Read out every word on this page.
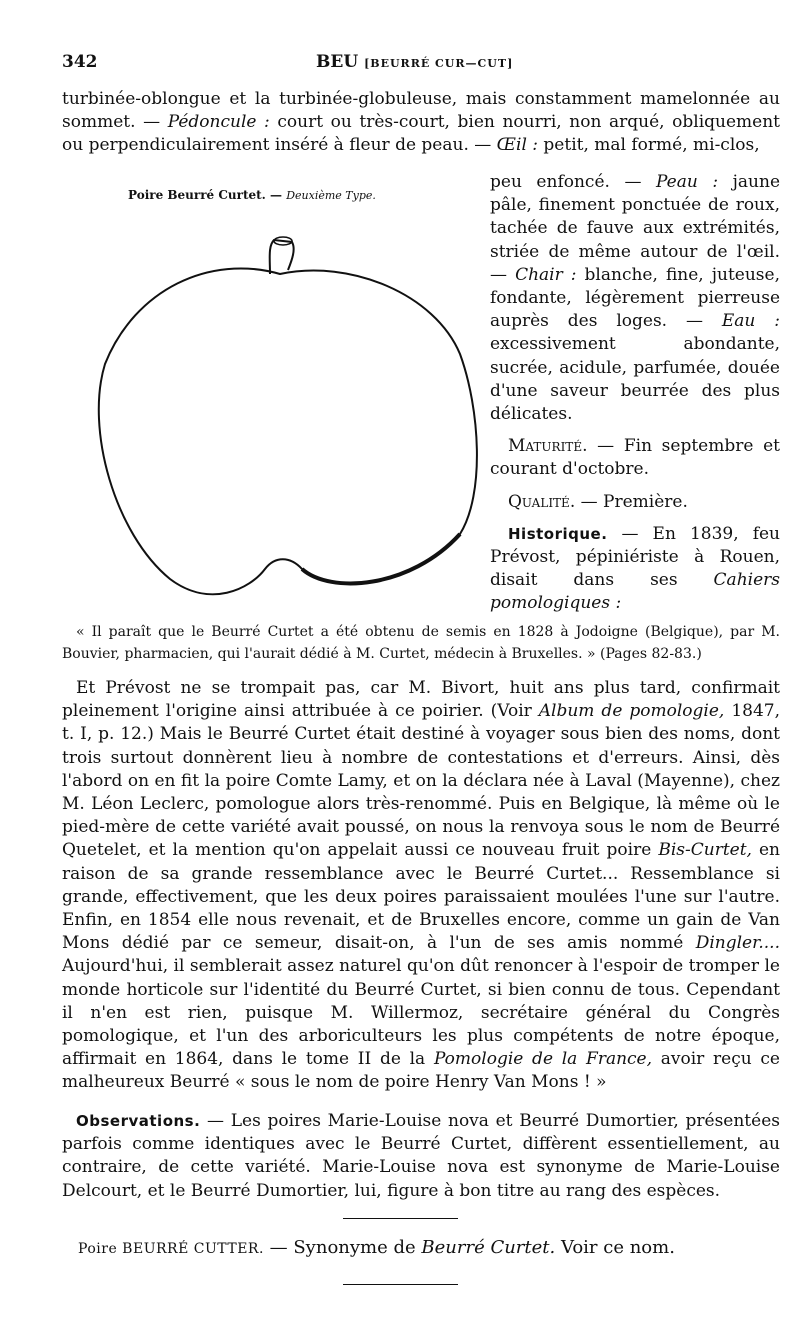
342	BEU [BEURRÉ CUR—CUT]
turbinée-oblongue et la turbinée-globuleuse, mais constamment mamelonnée au sommet. — Pédoncule : court ou très-court, bien nourri, non arqué, obliquement ou perpendiculairement inséré à fleur de peau. — Œil : petit, mal formé, mi-clos,
Poire Beurré Curtet. — Deuxième Type.

peu enfoncé. — Peau : jaune pâle, finement ponctuée de roux, tachée de fauve aux extrémités, striée de même autour de l'œil. — Chair : blanche, fine, juteuse, fondante, légèrement pierreuse auprès des loges. — Eau : excessivement abondante, sucrée, acidule, parfumée, douée d'une saveur beurrée des plus délicates.

Maturité. — Fin septembre et courant d'octobre.

Qualité. — Première.

Historique. — En 1839, feu Prévost, pépiniériste à Rouen, disait dans ses Cahiers pomologiques :

« Il paraît que le Beurré Curtet a été obtenu de semis en 1828 à Jodoigne (Belgique), par M. Bouvier, pharmacien, qui l'aurait dédié à M. Curtet, médecin à Bruxelles. » (Pages 82-83.)

Et Prévost ne se trompait pas, car M. Bivort, huit ans plus tard, confirmait pleinement l'origine ainsi attribuée à ce poirier. (Voir Album de pomologie, 1847, t. I, p. 12.) Mais le Beurré Curtet était destiné à voyager sous bien des noms, dont trois surtout donnèrent lieu à nombre de contestations et d'erreurs. Ainsi, dès l'abord on en fit la poire Comte Lamy, et on la déclara née à Laval (Mayenne), chez M. Léon Leclerc, pomologue alors très-renommé. Puis en Belgique, là même où le pied-mère de cette variété avait poussé, on nous la renvoya sous le nom de Beurré Quetelet, et la mention qu'on appelait aussi ce nouveau fruit poire Bis-Curtet, en raison de sa grande ressemblance avec le Beurré Curtet... Ressemblance si grande, effectivement, que les deux poires paraissaient moulées l'une sur l'autre. Enfin, en 1854 elle nous revenait, et de Bruxelles encore, comme un gain de Van Mons dédié par ce semeur, disait-on, à l'un de ses amis nommé Dingler.... Aujourd'hui, il semblerait assez naturel qu'on dût renoncer à l'espoir de tromper le monde horticole sur l'identité du Beurré Curtet, si bien connu de tous. Cependant il n'en est rien, puisque M. Willermoz, secrétaire général du Congrès pomologique, et l'un des arboriculteurs les plus compétents de notre époque, affirmait en 1864, dans le tome II de la Pomologie de la France, avoir reçu ce malheureux Beurré « sous le nom de poire Henry Van Mons ! »

Observations. — Les poires Marie-Louise nova et Beurré Dumortier, présentées parfois comme identiques avec le Beurré Curtet, diffèrent essentiellement, au contraire, de cette variété. Marie-Louise nova est synonyme de Marie-Louise Delcourt, et le Beurré Dumortier, lui, figure à bon titre au rang des espèces.

Poire BEURRÉ CUTTER. — Synonyme de Beurré Curtet. Voir ce nom.
